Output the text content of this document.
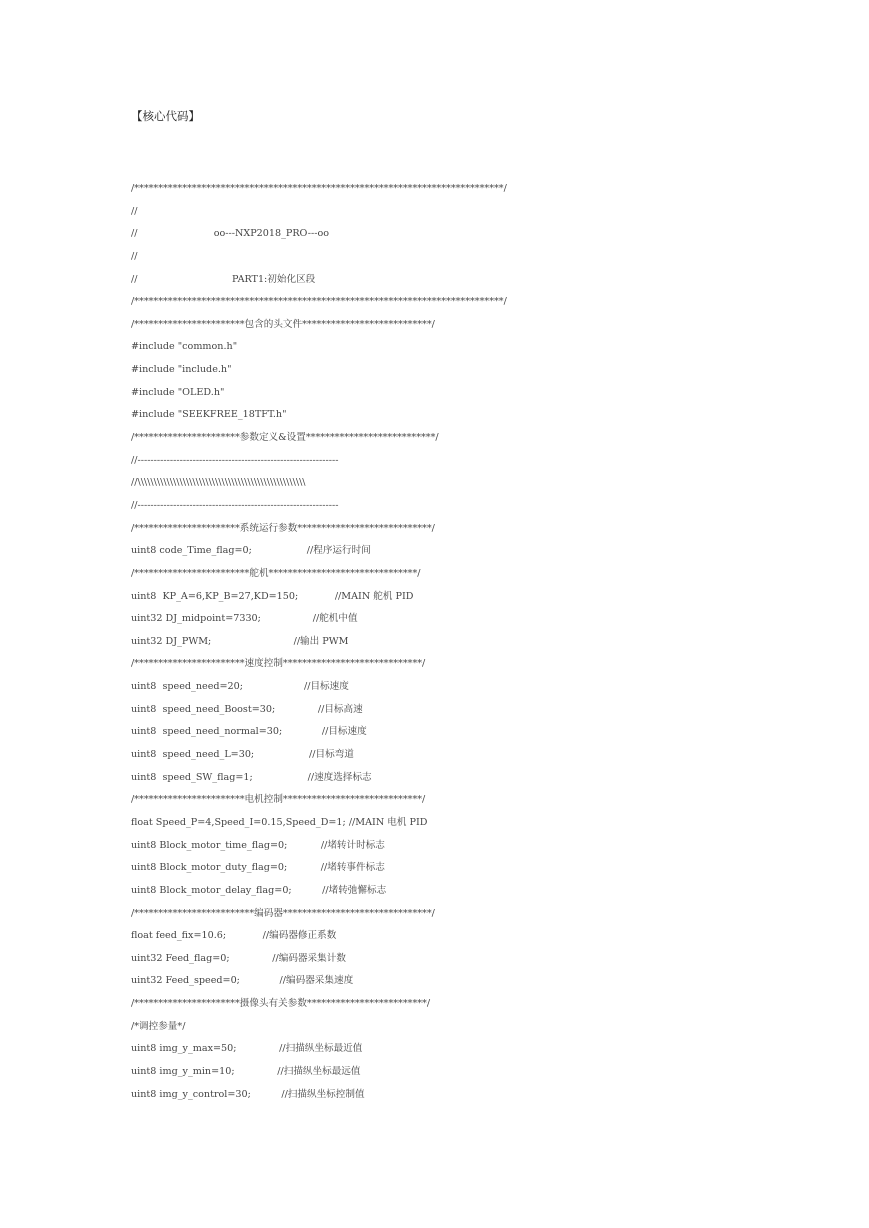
【核心代码】
/*****************************************************************************/
//
//                         oo---NXP2018_PRO---oo
//
//                               PART1:初始化区段
/*****************************************************************************/
/***********************包含的头文件***************************/
#include "common.h"
#include "include.h"
#include "OLED.h"
#include "SEEKFREE_18TFT.h"
/**********************参数定义&设置***************************/
//--------------------------------------------------------------
//\\\\\\\\\\\\\\\\\\\\\\\\\\\\\\\\\\\\\\\\\\\\\\\\\\\\
//--------------------------------------------------------------
/**********************系统运行参数****************************/
uint8 code_Time_flag=0;                  //程序运行时间
/************************舵机*******************************/
uint8  KP_A=6,KP_B=27,KD=150;            //MAIN 舵机 PID
uint32 DJ_midpoint=7330;                 //舵机中值
uint32 DJ_PWM;                           //输出 PWM
/***********************速度控制*****************************/
uint8  speed_need=20;                    //目标速度
uint8  speed_need_Boost=30;              //目标高速
uint8  speed_need_normal=30;             //目标速度
uint8  speed_need_L=30;                  //目标弯道
uint8  speed_SW_flag=1;                  //速度选择标志
/***********************电机控制*****************************/
float Speed_P=4,Speed_I=0.15,Speed_D=1; //MAIN 电机 PID
uint8 Block_motor_time_flag=0;           //堵转计时标志
uint8 Block_motor_duty_flag=0;           //堵转事件标志
uint8 Block_motor_delay_flag=0;          //堵转弛懈标志
/*************************编码器*******************************/
float feed_fix=10.6;            //编码器修正系数
uint32 Feed_flag=0;              //编码器采集计数
uint32 Feed_speed=0;             //编码器采集速度
/**********************摄像头有关参数*************************/
/*调控参量*/
uint8 img_y_max=50;              //扫描纵坐标最近值
uint8 img_y_min=10;              //扫描纵坐标最远值
uint8 img_y_control=30;          //扫描纵坐标控制值
